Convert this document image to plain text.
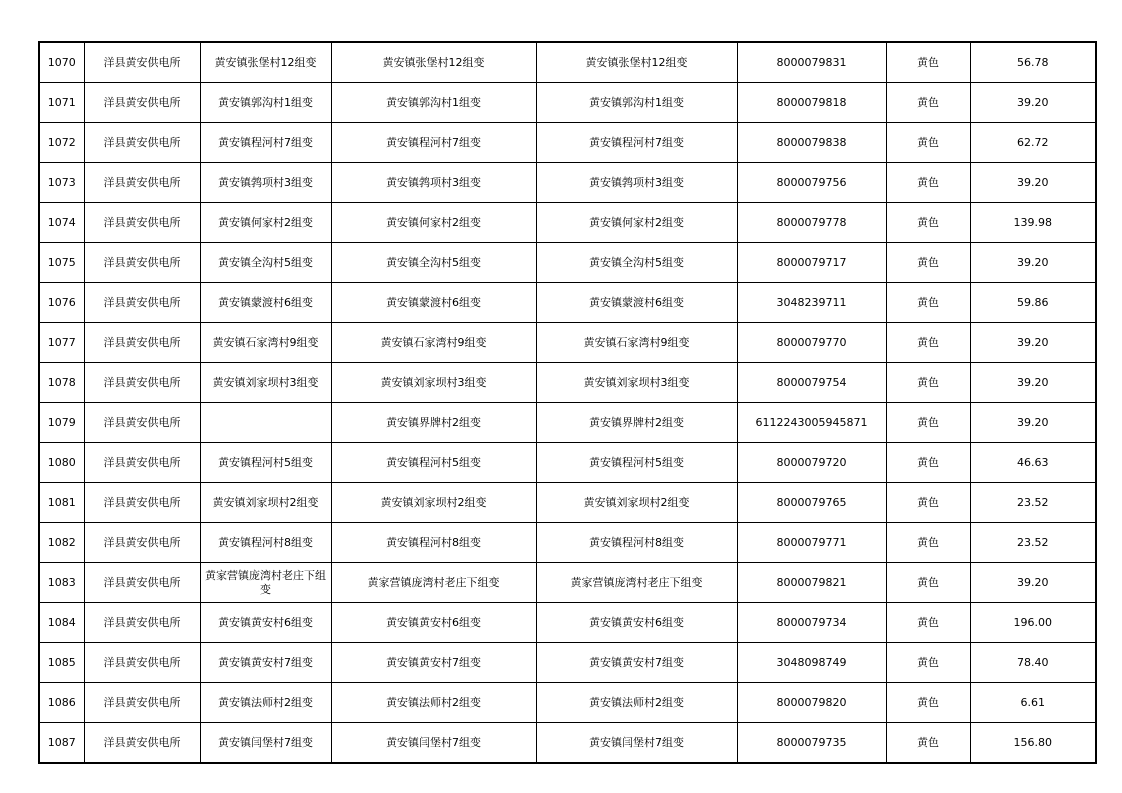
1070	洋县黄安供电所	黄安镇张堡村12组变	黄安镇张堡村12组变	黄安镇张堡村12组变	8000079831	黄色	56.78
1071	洋县黄安供电所	黄安镇郭沟村1组变	黄安镇郭沟村1组变	黄安镇郭沟村1组变	8000079818	黄色	39.20
1072	洋县黄安供电所	黄安镇程河村7组变	黄安镇程河村7组变	黄安镇程河村7组变	8000079838	黄色	62.72
1073	洋县黄安供电所	黄安镇鹁项村3组变	黄安镇鹁项村3组变	黄安镇鹁项村3组变	8000079756	黄色	39.20
1074	洋县黄安供电所	黄安镇何家村2组变	黄安镇何家村2组变	黄安镇何家村2组变	8000079778	黄色	139.98
1075	洋县黄安供电所	黄安镇全沟村5组变	黄安镇全沟村5组变	黄安镇全沟村5组变	8000079717	黄色	39.20
1076	洋县黄安供电所	黄安镇蒙渡村6组变	黄安镇蒙渡村6组变	黄安镇蒙渡村6组变	3048239711	黄色	59.86
1077	洋县黄安供电所	黄安镇石家湾村9组变	黄安镇石家湾村9组变	黄安镇石家湾村9组变	8000079770	黄色	39.20
1078	洋县黄安供电所	黄安镇刘家坝村3组变	黄安镇刘家坝村3组变	黄安镇刘家坝村3组变	8000079754	黄色	39.20
1079	洋县黄安供电所		黄安镇界牌村2组变	黄安镇界牌村2组变	6112243005945871	黄色	39.20
1080	洋县黄安供电所	黄安镇程河村5组变	黄安镇程河村5组变	黄安镇程河村5组变	8000079720	黄色	46.63
1081	洋县黄安供电所	黄安镇刘家坝村2组变	黄安镇刘家坝村2组变	黄安镇刘家坝村2组变	8000079765	黄色	23.52
1082	洋县黄安供电所	黄安镇程河村8组变	黄安镇程河村8组变	黄安镇程河村8组变	8000079771	黄色	23.52
1083	洋县黄安供电所	黄家营镇庞湾村老庄下组变	黄家营镇庞湾村老庄下组变	黄家营镇庞湾村老庄下组变	8000079821	黄色	39.20
1084	洋县黄安供电所	黄安镇黄安村6组变	黄安镇黄安村6组变	黄安镇黄安村6组变	8000079734	黄色	196.00
1085	洋县黄安供电所	黄安镇黄安村7组变	黄安镇黄安村7组变	黄安镇黄安村7组变	3048098749	黄色	78.40
1086	洋县黄安供电所	黄安镇法师村2组变	黄安镇法师村2组变	黄安镇法师村2组变	8000079820	黄色	6.61
1087	洋县黄安供电所	黄安镇闫堡村7组变	黄安镇闫堡村7组变	黄安镇闫堡村7组变	8000079735	黄色	156.80
